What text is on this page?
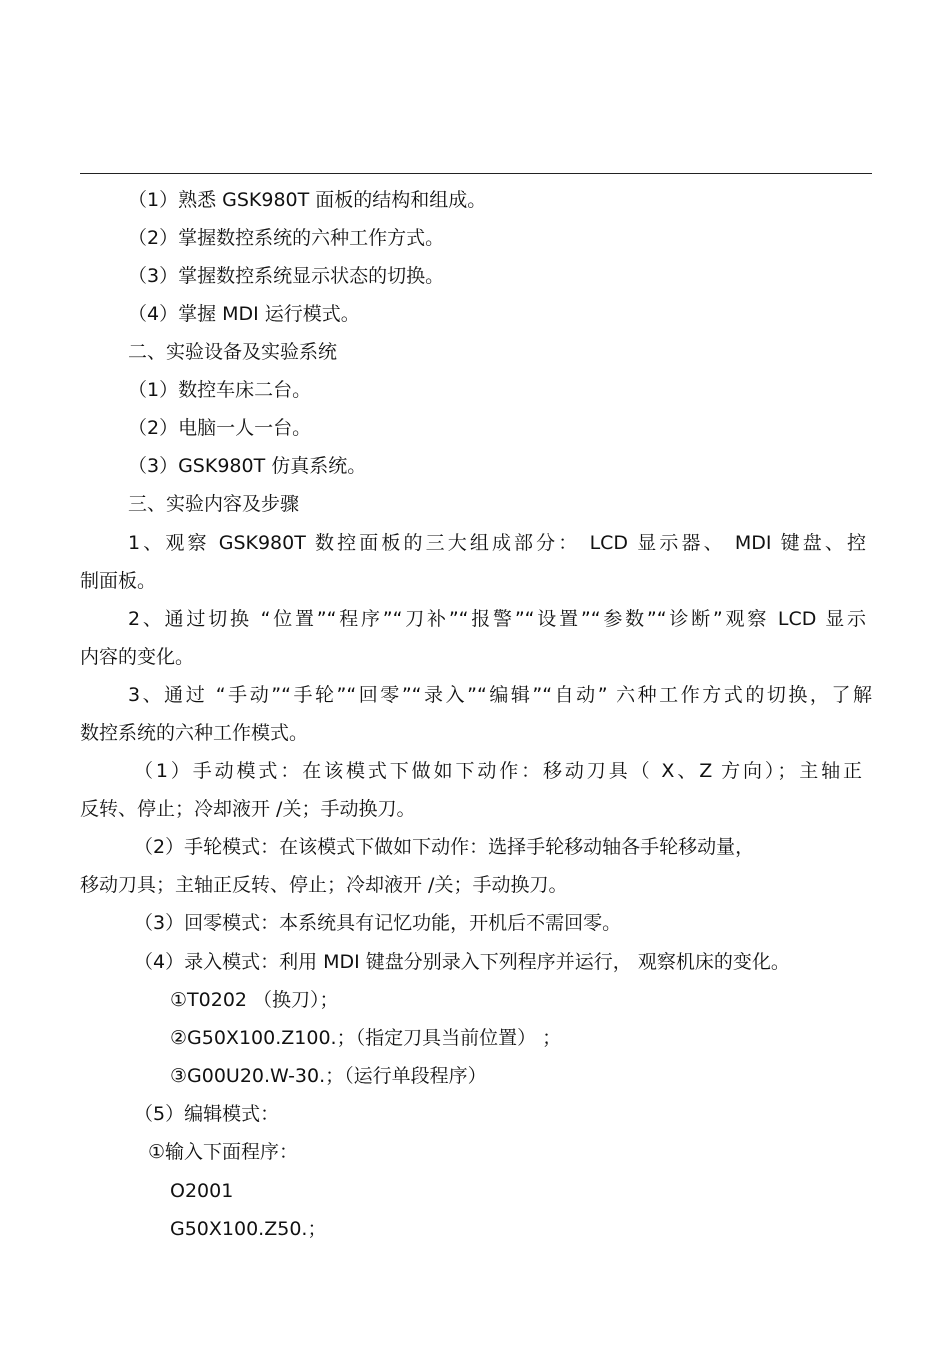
（1）熟悉 GSK980T 面板的结构和组成。
（2）掌握数控系统的六种工作方式。
（3）掌握数控系统显示状态的切换。
（4）掌握 MDI 运行模式。
二、实验设备及实验系统
（1）数控车床二台。
（2）电脑一人一台。
（3）GSK980T 仿真系统。
三、实验内容及步骤
1、观察 GSK980T 数控面板的三大组成部分： LCD 显示器、 MDI 键盘、控
制面板。
2、通过切换 “位置”“程序”“刀补”“报警”“设置”“参数”“诊断”观察 LCD 显示
内容的变化。
3、通过 “手动”“手轮”“回零”“录入”“编辑”“自动” 六种工作方式的切换，了解
数控系统的六种工作模式。
（1）手动模式：在该模式下做如下动作：移动刀具（ X、Z 方向）；主轴正
反转、停止；冷却液开 /关；手动换刀。
（2）手轮模式：在该模式下做如下动作：选择手轮移动轴各手轮移动量，
移动刀具；主轴正反转、停止；冷却液开 /关；手动换刀。
（3）回零模式：本系统具有记忆功能，开机后不需回零。
（4）录入模式：利用 MDI 键盘分别录入下列程序并运行， 观察机床的变化。
①T0202 （换刀）；
②G50X100.Z100.；（指定刀具当前位置） ；
③G00U20.W-30.；（运行单段程序）
（5）编辑模式：
①输入下面程序：
O2001
G50X100.Z50.；
